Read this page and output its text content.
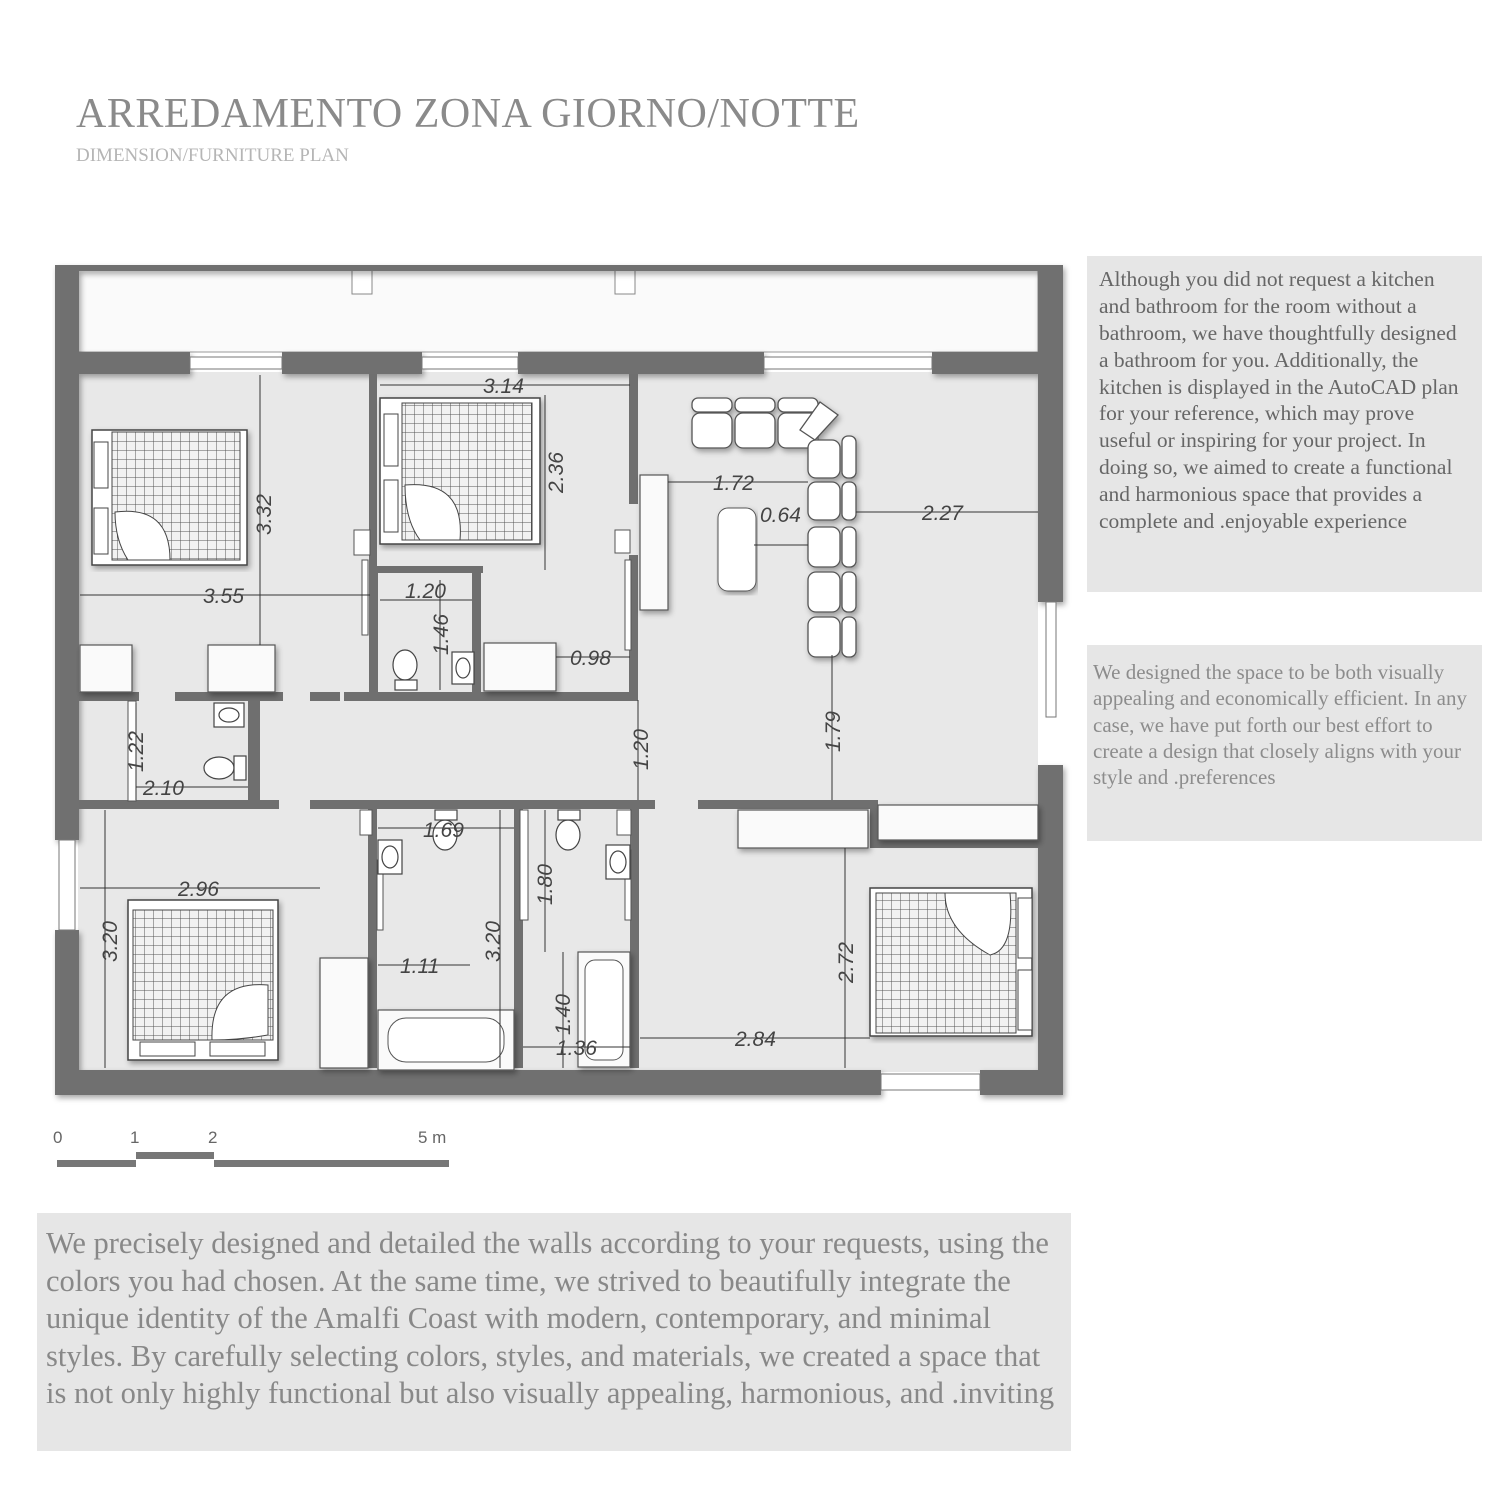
ARREDAMENTO ZONA GIORNO/NOTTE
DIMENSION/FURNITURE PLAN
3.14
2.36
3.32
3.55	1.20
1.46
0.98
1.72
0.64	2.27
1.79
1.20
1.22
2.10
1.69
2.96
3.20
1.11
3.20
1.80
1.40
1.36	2.84
2.72
0	1	2	5 m
Although you did not request a kitchen and bathroom for the room without a bathroom, we have thoughtfully designed a bathroom for you. Additionally, the kitchen is displayed in the AutoCAD plan for your reference, which may prove useful or inspiring for your project. In doing so, we aimed to create a functional and harmonious space that provides a complete and .enjoyable experience
We designed the space to be both visually appealing and economically efficient. In any case, we have put forth our best effort to create a design that closely aligns with your style and .preferences
We precisely designed and detailed the walls according to your requests, using the colors you had chosen. At the same time, we strived to beautifully integrate the unique identity of the Amalfi Coast with modern, contemporary, and minimal styles. By carefully selecting colors, styles, and materials, we created a space that is not only highly functional but also visually appealing, harmonious, and .inviting
